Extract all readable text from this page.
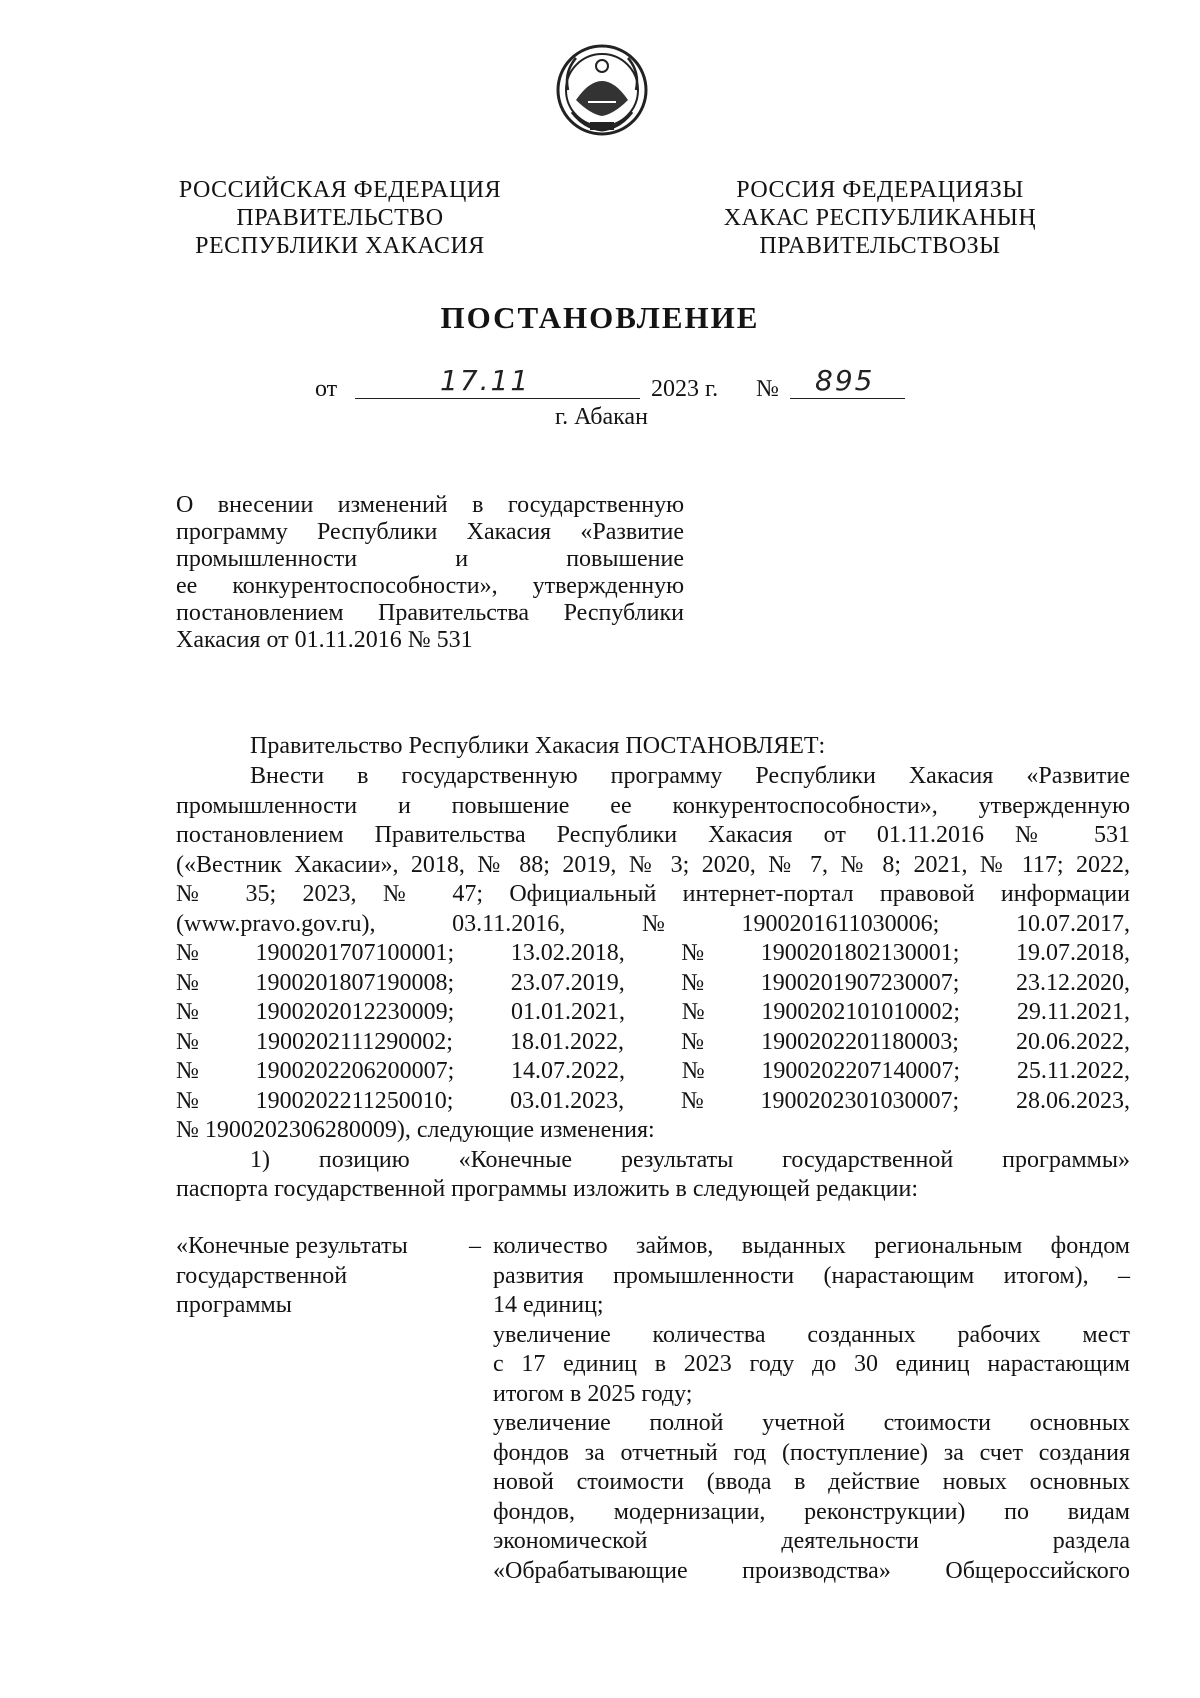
РОССИЙСКАЯ ФЕДЕРАЦИЯ
ПРАВИТЕЛЬСТВО
РЕСПУБЛИКИ ХАКАСИЯ
РОССИЯ ФЕДЕРАЦИЯЗЫ
ХАКАС РЕСПУБЛИКАНЫҢ
ПРАВИТЕЛЬСТВОЗЫ
ПОСТАНОВЛЕНИЕ
от	17.11	2023 г. № 895
г. Абакан
О внесении изменений в государственную
программу Республики Хакасия «Развитие
промышленности	и	повышение
ее конкурентоспособности», утвержденную
постановлением Правительства Республики
Хакасия от 01.11.2016 № 531
Правительство Республики Хакасия ПОСТАНОВЛЯЕТ:
Внести в государственную программу Республики Хакасия «Развитие
промышленности и повышение ее конкурентоспособности», утвержденную
постановлением Правительства Республики Хакасия от 01.11.2016 № 531
(«Вестник Хакасии», 2018, № 88; 2019, № 3; 2020, № 7, № 8; 2021, № 117; 2022,
№ 35; 2023, № 47; Официальный интернет-портал правовой информации
(www.pravo.gov.ru),	03.11.2016,	№	1900201611030006;	10.07.2017,
№ 1900201707100001; 13.02.2018, № 1900201802130001; 19.07.2018,
№ 1900201807190008; 23.07.2019, № 1900201907230007; 23.12.2020,
№ 1900202012230009; 01.01.2021, № 1900202101010002; 29.11.2021,
№ 1900202111290002; 18.01.2022, № 1900202201180003; 20.06.2022,
№ 1900202206200007; 14.07.2022, № 1900202207140007; 25.11.2022,
№ 1900202211250010; 03.01.2023, № 1900202301030007; 28.06.2023,
№ 1900202306280009), следующие изменения:
1)   позицию   «Конечные   результаты   государственной   программы»
паспорта государственной программы изложить в следующей редакции:
«Конечные результаты
государственной
программы
– количество займов, выданных региональным фондом
развития промышленности (нарастающим итогом), –
14 единиц;
увеличение количества созданных рабочих мест
с 17 единиц в 2023 году до 30 единиц нарастающим
итогом в 2025 году;
увеличение полной учетной стоимости основных
фондов за отчетный год (поступление) за счет создания
новой стоимости (ввода в действие новых основных
фондов, модернизации, реконструкции) по видам
экономической деятельности раздела
«Обрабатывающие производства» Общероссийского
